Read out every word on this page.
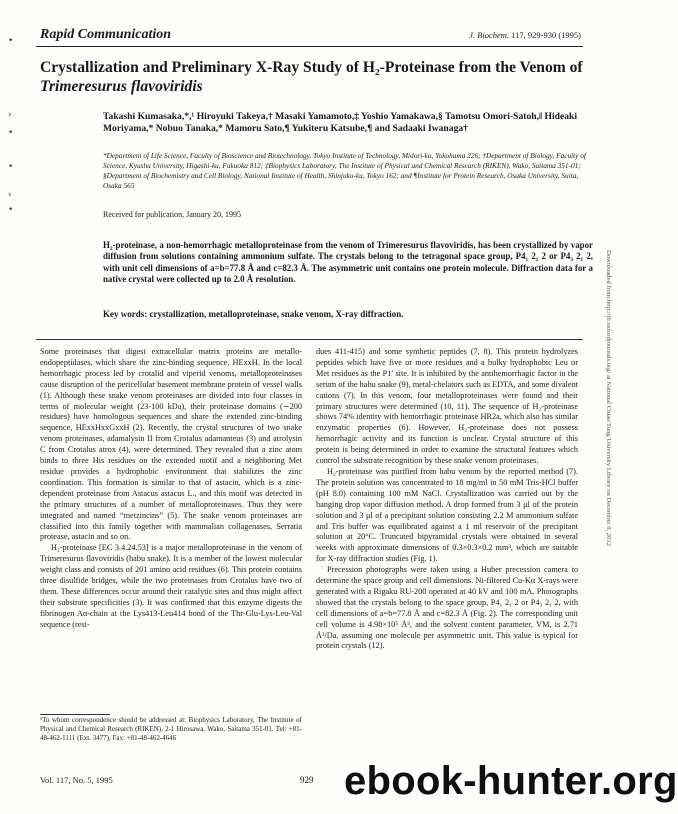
•
›
•
•
‹
•
Rapid Communication	J. Biochem. 117, 929-930 (1995)
Crystallization and Preliminary X-Ray Study of H₂-Proteinase from the Venom of Trimeresurus flavoviridis
Takashi Kumasaka,*,¹ Hiroyuki Takeya,† Masaki Yamamoto,‡ Yoshio Yamakawa,§ Tamotsu Omori-Satoh,‖ Hideaki Moriyama,* Nobuo Tanaka,* Mamoru Sato,¶ Yukiteru Katsube,¶ and Sadaaki Iwanaga†
*Department of Life Science, Faculty of Bioscience and Biotechnology, Tokyo Institute of Technology, Midori-ku, Yokohama 226; †Department of Biology, Faculty of Science, Kyushu University, Higashi-ku, Fukuoka 812; ‡Biophysics Laboratory, The Institute of Physical and Chemical Research (RIKEN), Wako, Saitama 351-01; §Department of Biochemistry and Cell Biology, National Institute of Health, Shinjuku-ku, Tokyo 162; and ¶Institute for Protein Research, Osaka University, Suita, Osaka 565
Received for publication, January 20, 1995
H₂-proteinase, a non-hemorrhagic metalloproteinase from the venom of Trimeresurus flavoviridis, has been crystallized by vapor diffusion from solutions containing ammonium sulfate. The crystals belong to the tetragonal space group, P4₁ 2₁ 2 or P4₃ 2₁ 2, with unit cell dimensions of a=b=77.8 Å and c=82.3 Å. The asymmetric unit contains one protein molecule. Diffraction data for a native crystal were collected up to 2.0 Å resolution.
Key words: crystallization, metalloproteinase, snake venom, X-ray diffraction.

Some proteinases that digest extracellular matrix proteins are metallo-endopeptidases, which share the zinc-binding sequence, HExxH. In the local hemorrhagic process led by crotalid and viperid venoms, metalloproteinases cause disruption of the pericellular basement membrane protein of vessel walls (1). Although these snake venom proteinases are divided into four classes in terms of molecular weight (23-100 kDa), their proteinase domains (∼200 residues) have homologous sequences and share the extended zinc-binding sequence, HExxHxxGxxH (2). Recently, the crystal structures of two snake venom proteinases, adamalysin II from Crotalus adamanteus (3) and atrolysin C from Crotalus atrox (4), were determined. They revealed that a zinc atom binds to three His residues on the extended motif and a neighboring Met residue provides a hydrophobic environment that stabilizes the zinc coordination. This formation is similar to that of astacin, which is a zinc-dependent proteinase from Astacus astacus L., and this motif was detected in the primary structures of a number of metalloproteinases. Thus they were integrated and named “metzincins” (5). The snake venom proteinases are classified into this family together with mammalian collagenases, Serratia protease, astacin and so on.

H₂-proteinase [EC 3.4.24.53] is a major metalloproteinase in the venom of Trimeresurus flavoviridis (habu snake). It is a member of the lowest molecular weight class and consists of 201 amino acid residues (6). This protein contains three disulfide bridges, while the two proteinases from Crotalus have two of them. These differences occur around their catalytic sites and thus might affect their substrate specificities (3). It was confirmed that this enzyme digests the fibrinogen Aα-chain at the Lys413-Leu414 bond of the Thr-Glu-Lys-Leu-Val sequence (resi-

¹To whom correspondence should be addressed at: Biophysics Laboratory, The Institute of Physical and Chemical Research (RIKEN), 2-1 Hirosawa, Wako, Saitama 351-01. Tel: +81-48-462-1111 (Ext. 3477), Fax: +81-48-462-4646

dues 411-415) and some synthetic peptides (7, 8). This protein hydrolyzes peptides which have five or more residues and a bulky hydrophobic Leu or Met residues as the P1′ site. It is inhibited by the antihemorrhagic factor in the serum of the habu snake (9), metal-chelators such as EDTA, and some divalent cations (7). In this venom, four metalloproteinases were found and their primary structures were determined (10, 11). The sequence of H₂-proteinase shows 74% identity with hemorrhagic proteinase HR2a, which also has similar enzymatic properties (6). However, H₂-proteinase does not possess hemorrhagic activity and its function is unclear. Crystal structure of this protein is being determined in order to examine the structural features which control the substrate recognition by these snake venom proteinases.

H₂-proteinase was purified from habu venom by the reported method (7). The protein solution was concentrated to 18 mg/ml in 50 mM Tris-HCl buffer (pH 8.0) containing 100 mM NaCl. Crystallization was carried out by the hanging drop vapor diffusion method. A drop formed from 3 μl of the protein solution and 3 μl of a precipitant solution consisting 2.2 M ammonium sulfate and Tris buffer was equilibrated against a 1 ml reservoir of the precipitant solution at 20°C. Truncated bipyramidal crystals were obtained in several weeks with approximate dimensions of 0.3×0.3×0.2 mm³, which are suitable for X-ray diffraction studies (Fig. 1).

Precession photographs were taken using a Huber precession camera to determine the space group and cell dimensions. Ni-filtered Cu-Kα X-rays were generated with a Rigaku RU-200 operated at 40 kV and 100 mA. Photographs showed that the crystals belong to the space group, P4₁ 2₁ 2 or P4₃ 2₁ 2, with cell dimensions of a=b=77.8 Å and c=82.3 Å (Fig. 2). The corresponding unit cell volume is 4.98×10⁵ Å³, and the solvent content parameter, VM, is 2.71 Å³/Da, assuming one molecule per asymmetric unit. This value is typical for protein crystals (12).

Vol. 117, No. 5, 1995	929
Downloaded from http://jb.oxfordjournals.org/ at National Chiao Tung University Library on December 8, 2012
ebook-hunter.org
